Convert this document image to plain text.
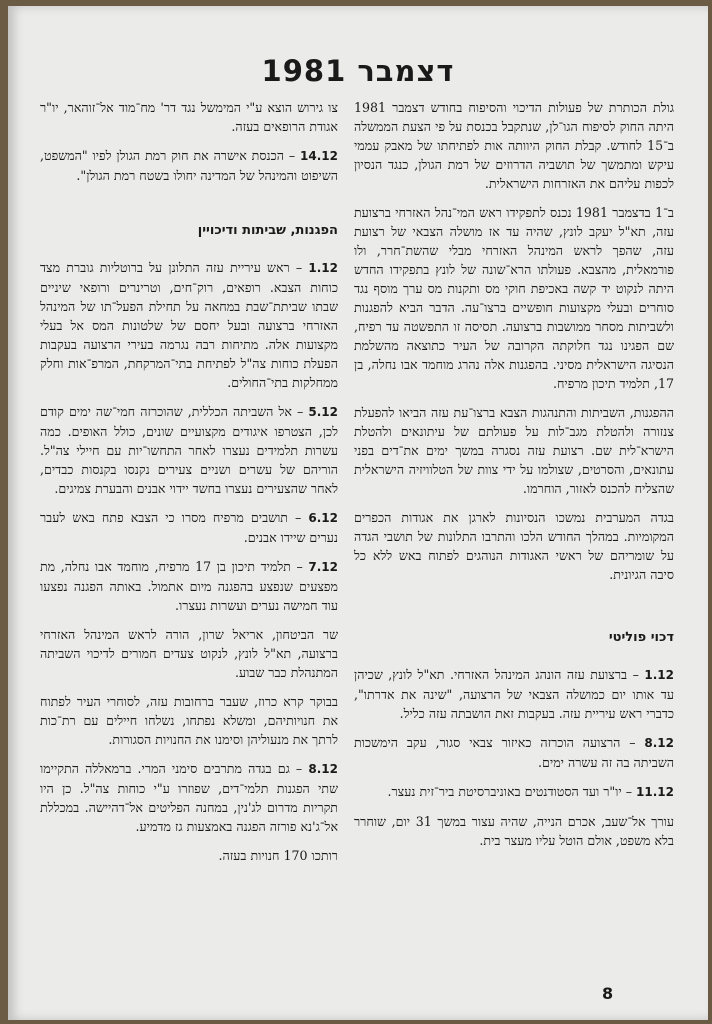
דצמבר 1981

גולת הכותרת של פעולות הדיכוי והסיפוח בחודש דצמבר 1981 היתה החוק לסיפוח הגו־לן, שנתקבל בכנסת על פי הצעת הממשלה ב־15 לחודש. קבלת החוק היוותה אות לפתיחתו של מאבק עממי עיקש ומתמשך של תושביה הדרוזים של רמת הגולן, כנגד הנסיון לכפות עליהם את האזרחות הישראלית.

ב־1 בדצמבר 1981 נכנס לתפקידו ראש המי־נהל האזרחי ברצועת עזה, תא"ל יעקב לונץ, שהיה עד אז מושלה הצבאי של רצועת עזה, שהפך לראש המינהל האזרחי מבלי שהשת־חרר, ולו פורמאלית, מהצבא. פעולתו הרא־שונה של לונץ בתפקידו החדש היתה לנקוט יד קשה באכיפת חוקי מס ותקנות מס ערך מוסף נגד סוחרים ובעלי מקצועות חופשיים ברצו־עה. הדבר הביא להפגנות ולשביתות מסחר ממושבות ברצועה. תסיסה זו התפשטה עד רפיח, שם הפגינו נגד חלוקתה הקרובה של העיר כתוצאה מהשלמת הנסיגה הישראלית מסיני. בהפגנות אלה נהרג מוחמד אבו נחלה, בן 17, תלמיד תיכון מרפיח.

ההפגנות, השביתות והתנהגות הצבא ברצו־עת עזה הביאו להפעלת צנזורה ולהטלת מגב־לות על פעולתם של עיתונאים ולהטלת הישרא־לית שם. רצועת עזה נסגרה במשך ימים את־דים בפני עתונאים, והסרטים, שצולמו על ידי צוות של הטלוויזיה הישראלית שהצליח להכנס לאזור, הוחרמו.

בגדה המערבית נמשכו הנסיונות לארגן את אגודות הכפרים המקומיות. במהלך החודש הלכו והתרבו התלונות של תושבי הגדה על שומריהם של ראשי האגודות הנוהגים לפתוח באש ללא כל סיבה הגיונית.

דכוי פוליטי
1.12 – ברצועת עזה הונהג המינהל האזרחי. תא"ל לונץ, שכיהן עד אותו יום כמושלה הצבאי של הרצועה, "שינה את אדרתו", כדברי ראש עיריית עזה. בעקבות זאת הושבתה עזה כליל.
8.12 – הרצועה הוכרזה כאיזור צבאי סגור, עקב הימשכות השביתה בה זה עשרה ימים.
11.12 – יו"ר ועד הסטודנטים באוניברסיטת ביר־זית נעצר.
עורך אל־שעב, אכרם הנייה, שהיה עצור במשך 31 יום, שוחרר בלא משפט, אולם הוטל עליו מעצר בית.
צו גירוש הוצא ע"י המימשל נגד דר' מח־מוד אל־זוהאר, יו"ר אגודת הרופאים בעזה.
14.12 – הכנסת אישרה את חוק רמת הגולן לפיו "המשפט, השיפוט והמינהל של המדינה יחולו בשטח רמת הגולן".
הפגנות, שביתות ודיכויין
1.12 – ראש עיריית עזה התלונן על ברוטליות גוברת מצד כוחות הצבא. רופאים, רוק־חים, וטרינרים ורופאי שיניים שבתו שביתת־שבת במחאה על תחילת הפעל־תו של המינהל האזרחי ברצועה ובעל יחסם של שלטונות המס אל בעלי מקצועות אלה. מתיחות רבה נגרמה בעירי הרצועה בעקבות הפעלת כוחות צה"ל לפתיחת בתי־המרקחת, המרפ־אות וחלק ממחלקות בתי־החולים.
5.12 – אל השביתה הכללית, שהוכרזה חמי־שה ימים קודם לכן, הצטרפו איגודים מקצועיים שונים, כולל האופים. כמה עשרות תלמידים נעצרו לאחר התחשו־יות עם חיילי צה"ל. הוריהם של עשרים ושניים צעירים נקנסו בקנסות כבדים, לאחר שהצעירים נעצרו בחשד יידוי אבנים והבערת צמיגים.
6.12 – תושבים מרפיח מסרו כי הצבא פתח באש לעבר נערים שיידו אבנים.
7.12 – תלמיד תיכון בן 17 מרפיח, מוחמד אבו נחלה, מת מפצעים שנפצע בהפגנה מיום אתמול. באותה הפגנה נפצעו עוד חמישה נערים ועשרות נעצרו.
שר הביטחון, אריאל שרון, הורה לראש המינהל האזרחי ברצועה, תא"ל לונץ, לנקוט צעדים חמורים לדיכוי השביתה המתנהלת כבר שבוע.
בבוקר קרא כרוז, שעבר ברחובות עזה, לסוחרי העיר לפתוח את חנויותיהם, ומשלא נפתחו, נשלחו חיילים עם רת־כות לרתך את מנעוליהן וסימנו את החנויות הסגורות.
8.12 – גם בגדה מתרבים סימני המרי. ברמאללה התקיימו שתי הפגנות תלמי־דים, שפוזרו ע"י כוחות צה"ל. כן היו תקריות מדרום לג'נין, במחנה הפליטים אל־דהיישה. במכללת אל־ג'נא פורזה הפגנה באמצעות גז מדמיע.
רותכו 170 חנויות בעזה.
8
